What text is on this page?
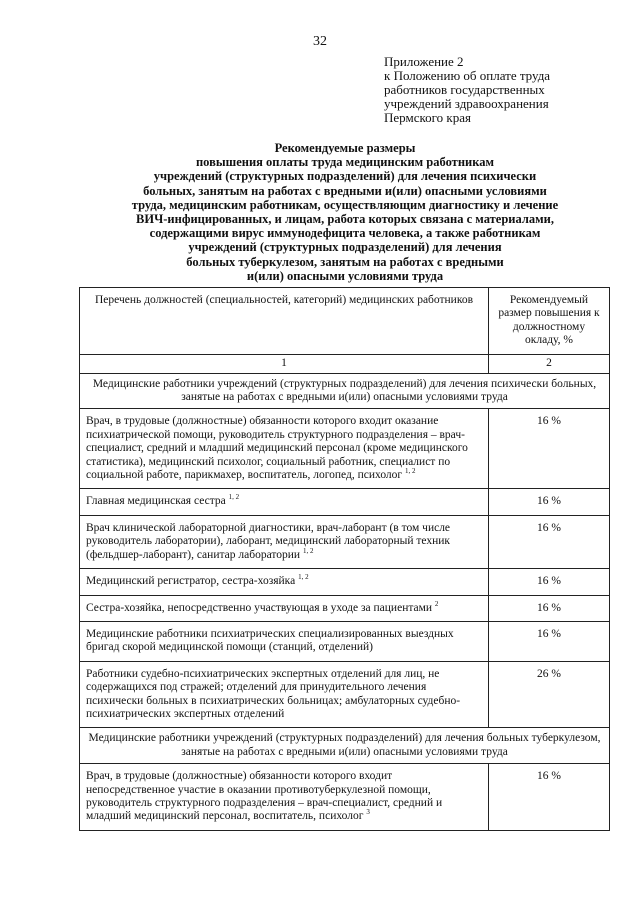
32
Приложение 2
к Положению об оплате труда
работников государственных
учреждений здравоохранения
Пермского края
Рекомендуемые размеры
повышения оплаты труда медицинским работникам
учреждений (структурных подразделений) для лечения психически
больных, занятым на работах с вредными и(или) опасными условиями
труда, медицинским работникам, осуществляющим диагностику и лечение
ВИЧ-инфицированных, и лицам, работа которых связана с материалами,
содержащими вирус иммунодефицита человека, а также работникам
учреждений (структурных подразделений) для лечения
больных туберкулезом, занятым на работах с вредными
и(или) опасными условиями труда
Перечень должностей (специальностей, категорий) медицинских работников	Рекомендуемый размер повышения к должностному окладу, %
1	2
Медицинские работники учреждений (структурных подразделений) для лечения психически больных, занятые на работах с вредными и(или) опасными условиями труда	
Врач, в трудовые (должностные) обязанности которого входит оказание психиатрической помощи, руководитель структурного подразделения – врач-специалист, средний и младший медицинский персонал (кроме медицинского статистика), медицинский психолог, социальный работник, специалист по социальной работе, парикмахер, воспитатель, логопед, психолог $^{1, 2}$	16 %
Главная медицинская сестра $^{1, 2}$	16 %
Врач клинической лабораторной диагностики, врач-лаборант (в том числе руководитель лаборатории), лаборант, медицинский лабораторный техник (фельдшер-лаборант), санитар лаборатории $^{1, 2}$	16 %
Медицинский регистратор, сестра-хозяйка $^{1, 2}$	16 %
Сестра-хозяйка, непосредственно участвующая в уходе за пациентами $^2$	16 %
Медицинские работники психиатрических специализированных выездных бригад скорой медицинской помощи (станций, отделений)	16 %
Работники судебно-психиатрических экспертных отделений для лиц, не содержащихся под стражей; отделений для принудительного лечения психически больных в психиатрических больницах; амбулаторных судебно-психиатрических экспертных отделений	26 %
Медицинские работники учреждений (структурных подразделений) для лечения больных туберкулезом, занятые на работах с вредными и(или) опасными условиями труда	
Врач, в трудовые (должностные) обязанности которого входит непосредственное участие в оказании противотуберкулезной помощи, руководитель структурного подразделения – врач-специалист, средний и младший медицинский персонал, воспитатель, психолог $^3$	16 %
